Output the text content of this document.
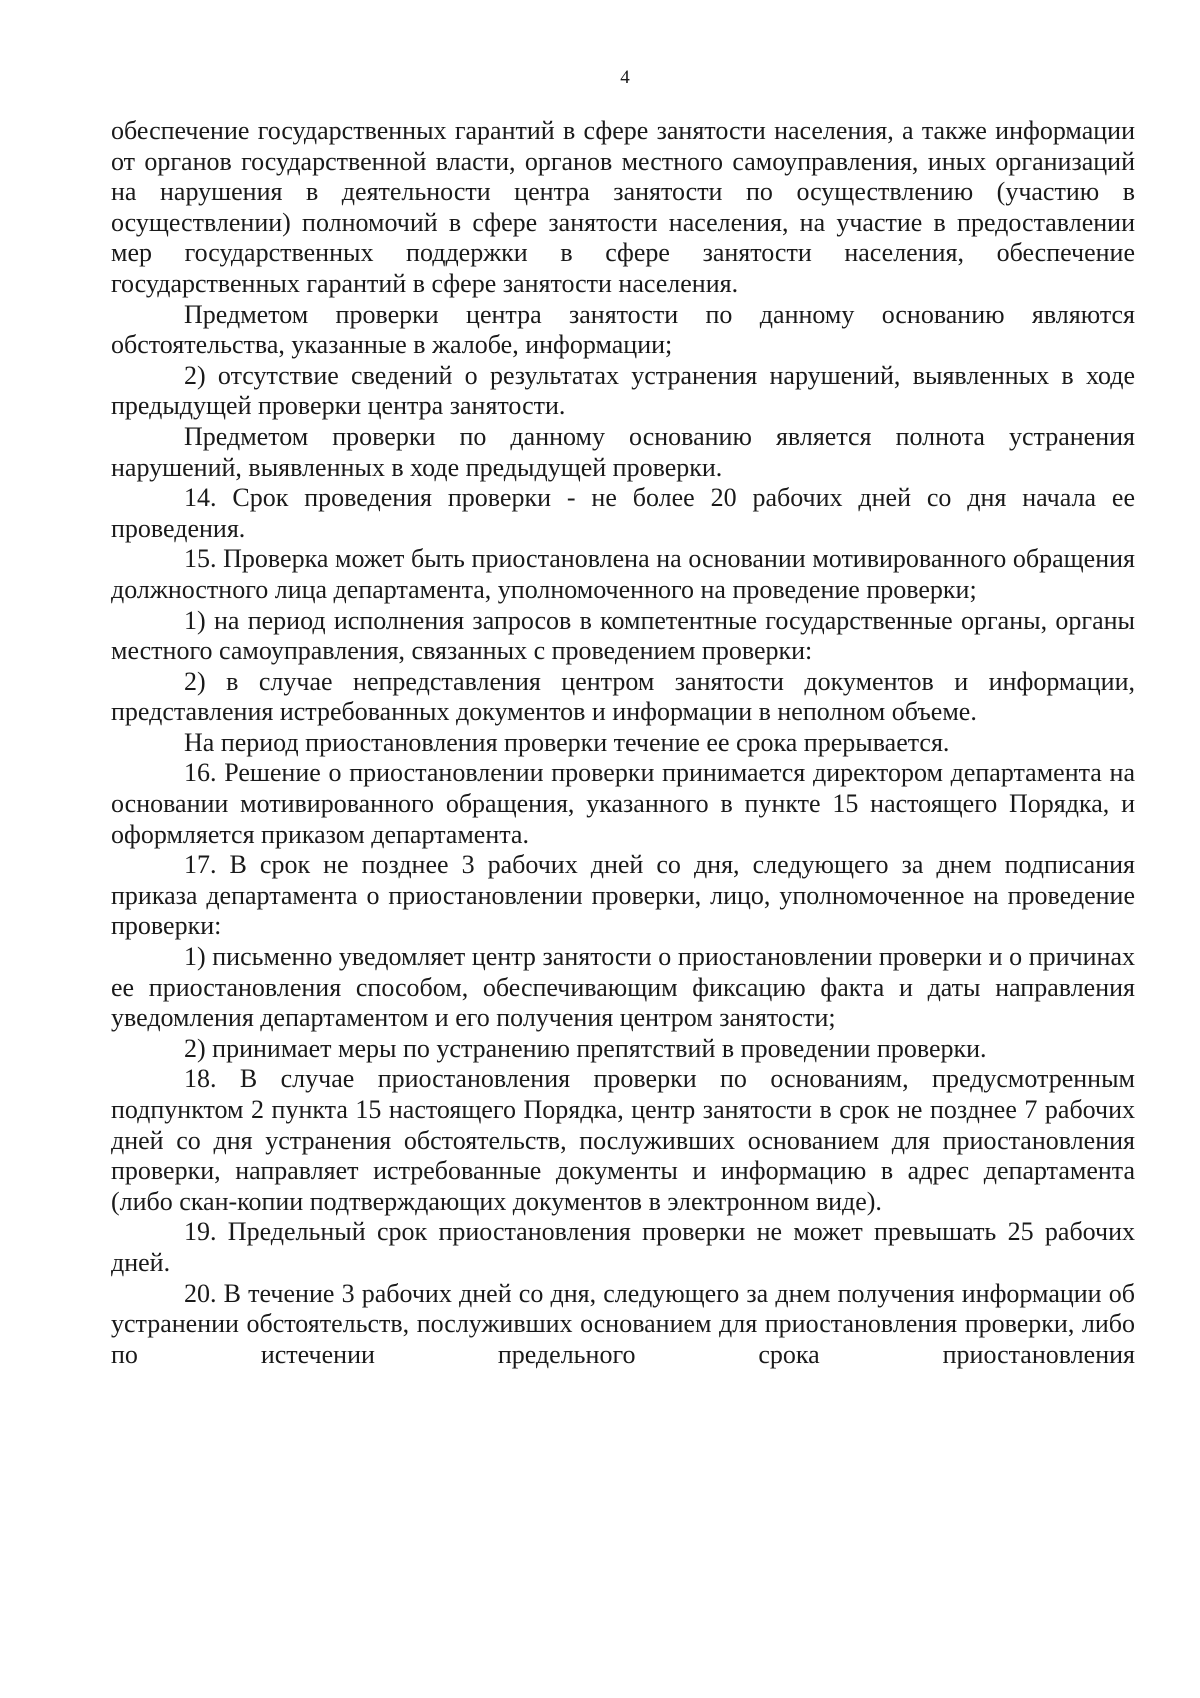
4

обеспечение государственных гарантий в сфере занятости населения, а также информации от органов государственной власти, органов местного самоуправления, иных организаций на нарушения в деятельности центра занятости по осуществлению (участию в осуществлении) полномочий в сфере занятости населения, на участие в предоставлении мер государственных поддержки в сфере занятости населения, обеспечение государственных гарантий в сфере занятости населения.

Предметом проверки центра занятости по данному основанию являются обстоятельства, указанные в жалобе, информации;

2) отсутствие сведений о результатах устранения нарушений, выявленных в ходе предыдущей проверки центра занятости.

Предметом проверки по данному основанию является полнота устранения нарушений, выявленных в ходе предыдущей проверки.

14. Срок проведения проверки - не более 20 рабочих дней со дня начала ее проведения.

15. Проверка может быть приостановлена на основании мотивированного обращения должностного лица департамента, уполномоченного на проведение проверки;

1) на период исполнения запросов в компетентные государственные органы, органы местного самоуправления, связанных с проведением проверки:

2) в случае непредставления центром занятости документов и информации, представления истребованных документов и информации в неполном объеме.

На период приостановления проверки течение ее срока прерывается.

16. Решение о приостановлении проверки принимается директором департамента на основании мотивированного обращения, указанного в пункте 15 настоящего Порядка, и оформляется приказом департамента.

17. В срок не позднее 3 рабочих дней со дня, следующего за днем подписания приказа департамента о приостановлении проверки, лицо, уполномоченное на проведение проверки:

1) письменно уведомляет центр занятости о приостановлении проверки и о причинах ее приостановления способом, обеспечивающим фиксацию факта и даты направления уведомления департаментом и его получения центром занятости;

2) принимает меры по устранению препятствий в проведении проверки.

18. В случае приостановления проверки по основаниям, предусмотренным подпунктом 2 пункта 15 настоящего Порядка, центр занятости в срок не позднее 7 рабочих дней со дня устранения обстоятельств, послуживших основанием для приостановления проверки, направляет истребованные документы и информацию в адрес департамента (либо скан-копии подтверждающих документов в электронном виде).

19. Предельный срок приостановления проверки не может превышать 25 рабочих дней.

20. В течение 3 рабочих дней со дня, следующего за днем получения информации об устранении обстоятельств, послуживших основанием для приостановления проверки, либо по истечении предельного срока приостановления
